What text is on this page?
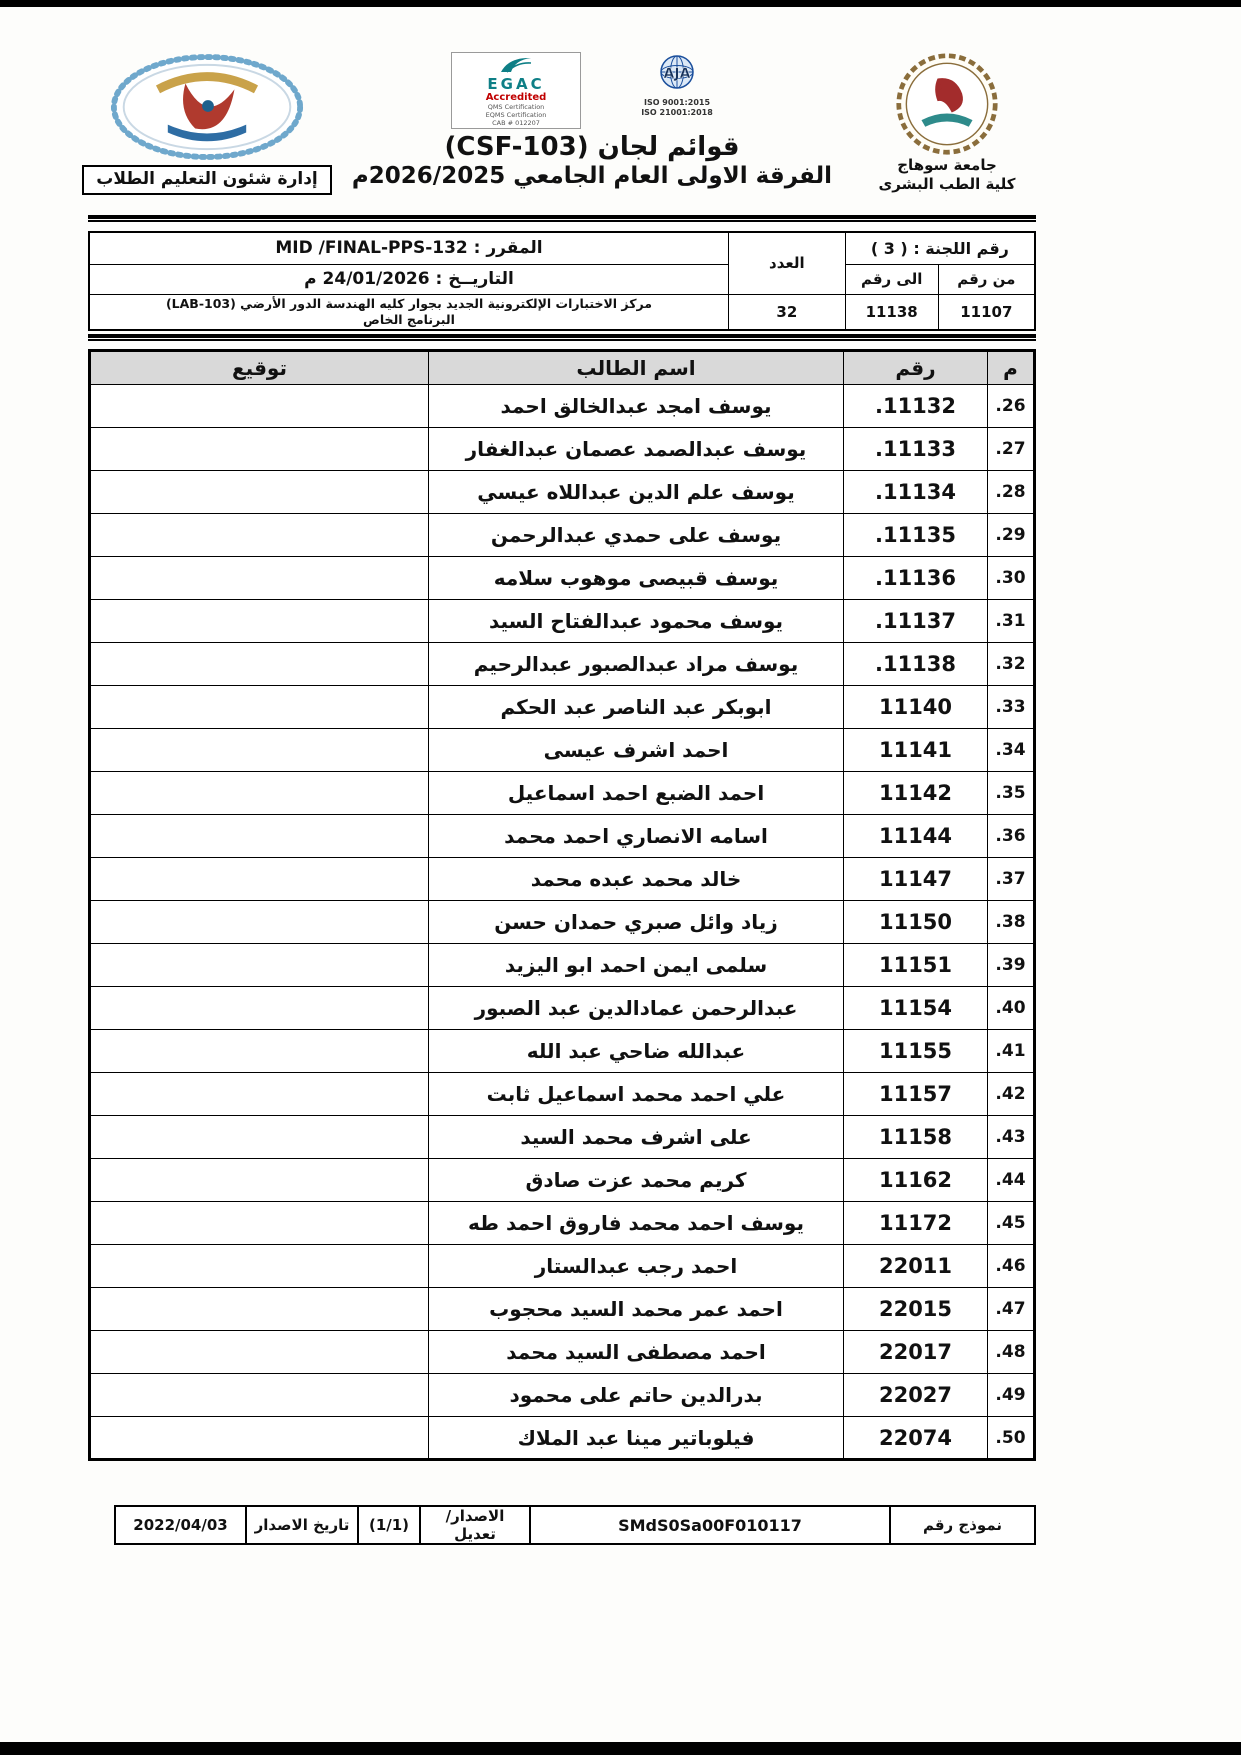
جامعة سوهاج
كلية الطب البشرى
EGAC
Accredited
QMS Certification
EQMS Certification
CAB # 012207
AJA
ISO 9001:2015
ISO 21001:2018
قوائم لجان (CSF-103)
الفرقة الاولى العام الجامعي 2026/2025م
إدارة شئون التعليم الطلاب
رقم اللجنة : ( 3 )		العدد	المقرر : MID /FINAL-PPS-132
من رقم	الى رقم		التاريــخ : 24/01/2026 م
11107	11138	32	مركز الاختبارات الإلكترونية الجديد بجوار كليه الهندسة الدور الأرضي (LAB-103)
البرنامج الخاص
م	رقم	اسم الطالب	توقيع
26.	11132.	يوسف امجد عبدالخالق احمد	
27.	11133.	يوسف عبدالصمد عصمان عبدالغفار	
28.	11134.	يوسف علم الدين عبداللاه عيسي	
29.	11135.	يوسف على حمدي عبدالرحمن	
30.	11136.	يوسف قبيصى موهوب سلامه	
31.	11137.	يوسف محمود عبدالفتاح السيد	
32.	11138.	يوسف مراد عبدالصبور عبدالرحيم	
33.	11140	ابوبكر عبد الناصر عبد الحكم	
34.	11141	احمد اشرف عيسى	
35.	11142	احمد الضبع احمد اسماعيل	
36.	11144	اسامه الانصاري احمد محمد	
37.	11147	خالد محمد عبده محمد	
38.	11150	زياد وائل صبري حمدان حسن	
39.	11151	سلمى ايمن احمد ابو اليزيد	
40.	11154	عبدالرحمن عمادالدين عبد الصبور	
41.	11155	عبدالله ضاحي عبد الله	
42.	11157	علي احمد محمد اسماعيل ثابت	
43.	11158	على اشرف محمد السيد	
44.	11162	كريم محمد عزت صادق	
45.	11172	يوسف احمد محمد فاروق احمد طه	
46.	22011	احمد رجب عبدالستار	
47.	22015	احمد عمر محمد السيد محجوب	
48.	22017	احمد مصطفى السيد محمد	
49.	22027	بدرالدين حاتم على محمود	
50.	22074	فيلوباتير مينا عبد الملاك	
نموذج رقم	SMdS0Sa00F010117	الاصدار/تعديل	(1/1)	تاريخ الاصدار	2022/04/03
